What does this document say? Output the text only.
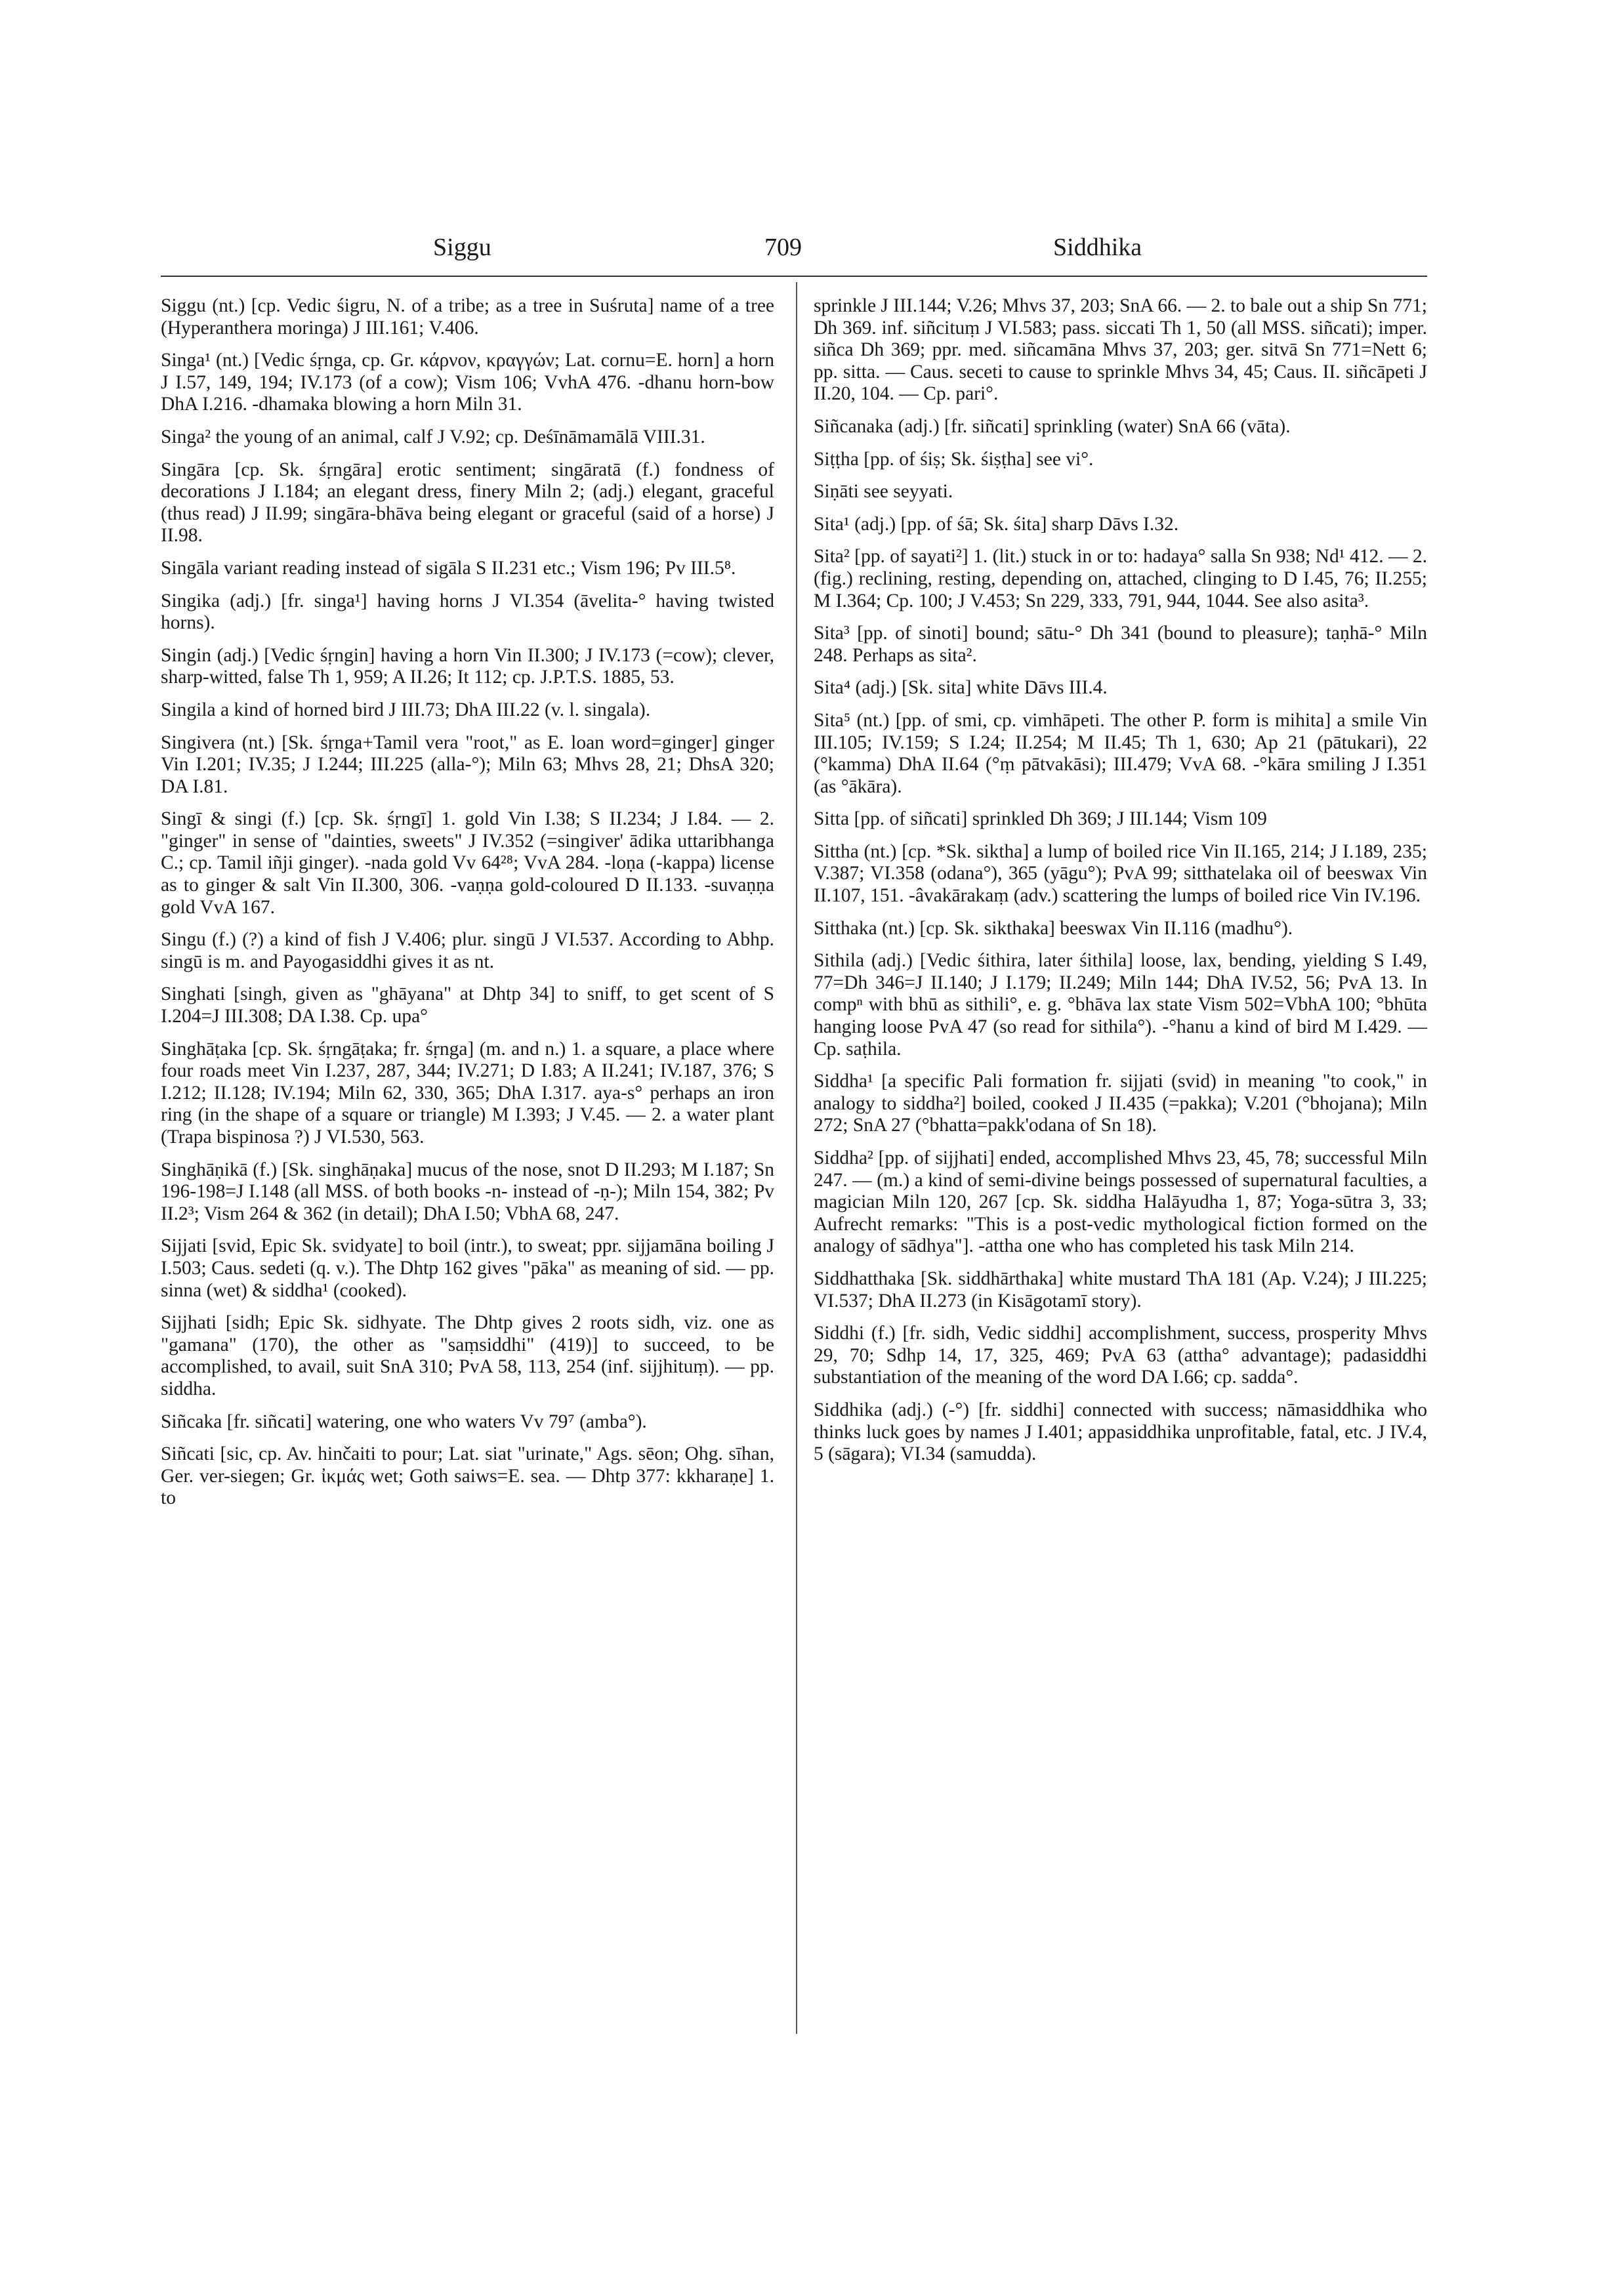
Siggu	709	Siddhika

Siggu (nt.) [cp. Vedic śigru, N. of a tribe; as a tree in Suśruta] name of a tree (Hyperanthera moringa) J III.161; V.406.

Singa¹ (nt.) [Vedic śṛnga, cp. Gr. κάρνον, κραγγών; Lat. cornu=E. horn] a horn J I.57, 149, 194; IV.173 (of a cow); Vism 106; VvhA 476. -dhanu horn-bow DhA I.216. -dhamaka blowing a horn Miln 31.

Singa² the young of an animal, calf J V.92; cp. Deśīnāmamālā VIII.31.

Singāra [cp. Sk. śṛngāra] erotic sentiment; singāratā (f.) fondness of decorations J I.184; an elegant dress, finery Miln 2; (adj.) elegant, graceful (thus read) J II.99; singāra-bhāva being elegant or graceful (said of a horse) J II.98.

Singāla variant reading instead of sigāla S II.231 etc.; Vism 196; Pv III.5⁸.

Singika (adj.) [fr. singa¹] having horns J VI.354 (āvelita-° having twisted horns).

Singin (adj.) [Vedic śṛngin] having a horn Vin II.300; J IV.173 (=cow); clever, sharp-witted, false Th 1, 959; A II.26; It 112; cp. J.P.T.S. 1885, 53.

Singila a kind of horned bird J III.73; DhA III.22 (v. l. singala).

Singivera (nt.) [Sk. śṛnga+Tamil vera "root," as E. loan word=ginger] ginger Vin I.201; IV.35; J I.244; III.225 (alla-°); Miln 63; Mhvs 28, 21; DhsA 320; DA I.81.

Singī & singi (f.) [cp. Sk. śṛngī] 1. gold Vin I.38; S II.234; J I.84. — 2. "ginger" in sense of "dainties, sweets" J IV.352 (=singiver' ādika uttaribhanga C.; cp. Tamil iñji ginger). -nada gold Vv 64²⁸; VvA 284. -loṇa (-kappa) license as to ginger & salt Vin II.300, 306. -vaṇṇa gold-coloured D II.133. -suvaṇṇa gold VvA 167.

Singu (f.) (?) a kind of fish J V.406; plur. singū J VI.537. According to Abhp. singū is m. and Payogasiddhi gives it as nt.

Singhati [singh, given as "ghāyana" at Dhtp 34] to sniff, to get scent of S I.204=J III.308; DA I.38. Cp. upa°

Singhāṭaka [cp. Sk. śṛngāṭaka; fr. śṛnga] (m. and n.) 1. a square, a place where four roads meet Vin I.237, 287, 344; IV.271; D I.83; A II.241; IV.187, 376; S I.212; II.128; IV.194; Miln 62, 330, 365; DhA I.317. aya-s° perhaps an iron ring (in the shape of a square or triangle) M I.393; J V.45. — 2. a water plant (Trapa bispinosa ?) J VI.530, 563.

Singhāṇikā (f.) [Sk. singhāṇaka] mucus of the nose, snot D II.293; M I.187; Sn 196-198=J I.148 (all MSS. of both books -n- instead of -ṇ-); Miln 154, 382; Pv II.2³; Vism 264 & 362 (in detail); DhA I.50; VbhA 68, 247.

Sijjati [svid, Epic Sk. svidyate] to boil (intr.), to sweat; ppr. sijjamāna boiling J I.503; Caus. sedeti (q. v.). The Dhtp 162 gives "pāka" as meaning of sid. — pp. sinna (wet) & siddha¹ (cooked).

Sijjhati [sidh; Epic Sk. sidhyate. The Dhtp gives 2 roots sidh, viz. one as "gamana" (170), the other as "saṃsiddhi" (419)] to succeed, to be accomplished, to avail, suit SnA 310; PvA 58, 113, 254 (inf. sijjhituṃ). — pp. siddha.

Siñcaka [fr. siñcati] watering, one who waters Vv 79⁷ (amba°).

Siñcati [sic, cp. Av. hinčaiti to pour; Lat. siat "urinate," Ags. sēon; Ohg. sīhan, Ger. ver-siegen; Gr. ἰκμάς wet; Goth saiws=E. sea. — Dhtp 377: kkharaṇe] 1. to

sprinkle J III.144; V.26; Mhvs 37, 203; SnA 66. — 2. to bale out a ship Sn 771; Dh 369. inf. siñcituṃ J VI.583; pass. siccati Th 1, 50 (all MSS. siñcati); imper. siñca Dh 369; ppr. med. siñcamāna Mhvs 37, 203; ger. sitvā Sn 771=Nett 6; pp. sitta. — Caus. seceti to cause to sprinkle Mhvs 34, 45; Caus. II. siñcāpeti J II.20, 104. — Cp. pari°.

Siñcanaka (adj.) [fr. siñcati] sprinkling (water) SnA 66 (vāta).

Siṭṭha [pp. of śiṣ; Sk. śiṣṭha] see vi°.

Siṇāti see seyyati.

Sita¹ (adj.) [pp. of śā; Sk. śita] sharp Dāvs I.32.

Sita² [pp. of sayati²] 1. (lit.) stuck in or to: hadaya° salla Sn 938; Nd¹ 412. — 2. (fig.) reclining, resting, depending on, attached, clinging to D I.45, 76; II.255; M I.364; Cp. 100; J V.453; Sn 229, 333, 791, 944, 1044. See also asita³.

Sita³ [pp. of sinoti] bound; sātu-° Dh 341 (bound to pleasure); taṇhā-° Miln 248. Perhaps as sita².

Sita⁴ (adj.) [Sk. sita] white Dāvs III.4.

Sita⁵ (nt.) [pp. of smi, cp. vimhāpeti. The other P. form is mihita] a smile Vin III.105; IV.159; S I.24; II.254; M II.45; Th 1, 630; Ap 21 (pātukari), 22 (°kamma) DhA II.64 (°ṃ pātvakāsi); III.479; VvA 68. -°kāra smiling J I.351 (as °ākāra).

Sitta [pp. of siñcati] sprinkled Dh 369; J III.144; Vism 109

Sittha (nt.) [cp. *Sk. siktha] a lump of boiled rice Vin II.165, 214; J I.189, 235; V.387; VI.358 (odana°), 365 (yāgu°); PvA 99; sitthatelaka oil of beeswax Vin II.107, 151. -âvakārakaṃ (adv.) scattering the lumps of boiled rice Vin IV.196.

Sitthaka (nt.) [cp. Sk. sikthaka] beeswax Vin II.116 (madhu°).

Sithila (adj.) [Vedic śithira, later śithila] loose, lax, bending, yielding S I.49, 77=Dh 346=J II.140; J I.179; II.249; Miln 144; DhA IV.52, 56; PvA 13. In compⁿ with bhū as sithili°, e. g. °bhāva lax state Vism 502=VbhA 100; °bhūta hanging loose PvA 47 (so read for sithila°). -°hanu a kind of bird M I.429. — Cp. saṭhila.

Siddha¹ [a specific Pali formation fr. sijjati (svid) in meaning "to cook," in analogy to siddha²] boiled, cooked J II.435 (=pakka); V.201 (°bhojana); Miln 272; SnA 27 (°bhatta=pakk'odana of Sn 18).

Siddha² [pp. of sijjhati] ended, accomplished Mhvs 23, 45, 78; successful Miln 247. — (m.) a kind of semi-divine beings possessed of supernatural faculties, a magician Miln 120, 267 [cp. Sk. siddha Halāyudha 1, 87; Yoga-sūtra 3, 33; Aufrecht remarks: "This is a post-vedic mythological fiction formed on the analogy of sādhya"]. -attha one who has completed his task Miln 214.

Siddhatthaka [Sk. siddhārthaka] white mustard ThA 181 (Ap. V.24); J III.225; VI.537; DhA II.273 (in Kisāgotamī story).

Siddhi (f.) [fr. sidh, Vedic siddhi] accomplishment, success, prosperity Mhvs 29, 70; Sdhp 14, 17, 325, 469; PvA 63 (attha° advantage); padasiddhi substantiation of the meaning of the word DA I.66; cp. sadda°.

Siddhika (adj.) (-°) [fr. siddhi] connected with success; nāmasiddhika who thinks luck goes by names J I.401; appasiddhika unprofitable, fatal, etc. J IV.4, 5 (sāgara); VI.34 (samudda).
